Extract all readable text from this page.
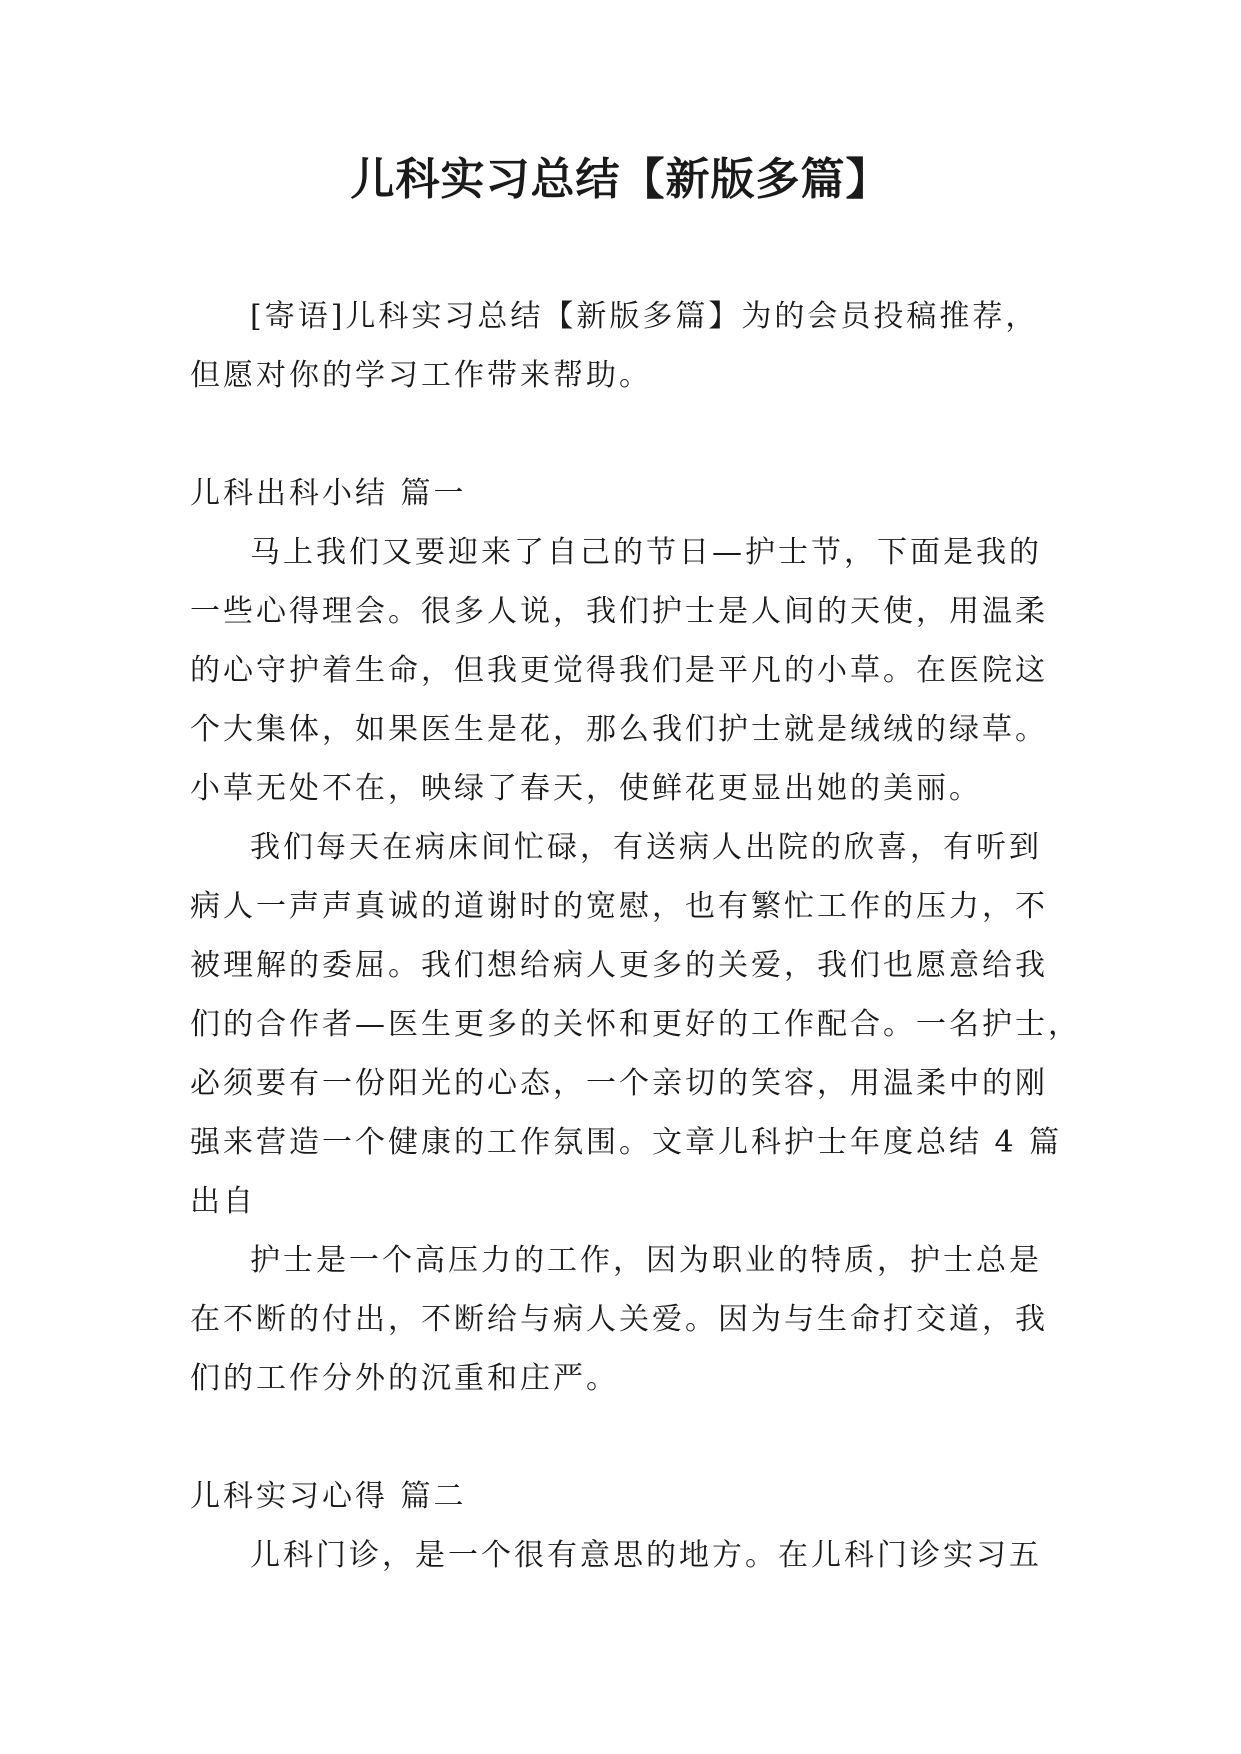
儿科实习总结【新版多篇】

[寄语]儿科实习总结【新版多篇】为的会员投稿推荐，
但愿对你的学习工作带来帮助。

儿科出科小结 篇一

马上我们又要迎来了自己的节日—护士节，下面是我的
一些心得理会。很多人说，我们护士是人间的天使，用温柔
的心守护着生命，但我更觉得我们是平凡的小草。在医院这
个大集体，如果医生是花，那么我们护士就是绒绒的绿草。
小草无处不在，映绿了春天，使鲜花更显出她的美丽。

我们每天在病床间忙碌，有送病人出院的欣喜，有听到
病人一声声真诚的道谢时的宽慰，也有繁忙工作的压力，不
被理解的委屈。我们想给病人更多的关爱，我们也愿意给我
们的合作者—医生更多的关怀和更好的工作配合。一名护士，
必须要有一份阳光的心态，一个亲切的笑容，用温柔中的刚
强来营造一个健康的工作氛围。文章儿科护士年度总结 4 篇
出自

护士是一个高压力的工作，因为职业的特质，护士总是
在不断的付出，不断给与病人关爱。因为与生命打交道，我
们的工作分外的沉重和庄严。

儿科实习心得 篇二

儿科门诊，是一个很有意思的地方。在儿科门诊实习五
